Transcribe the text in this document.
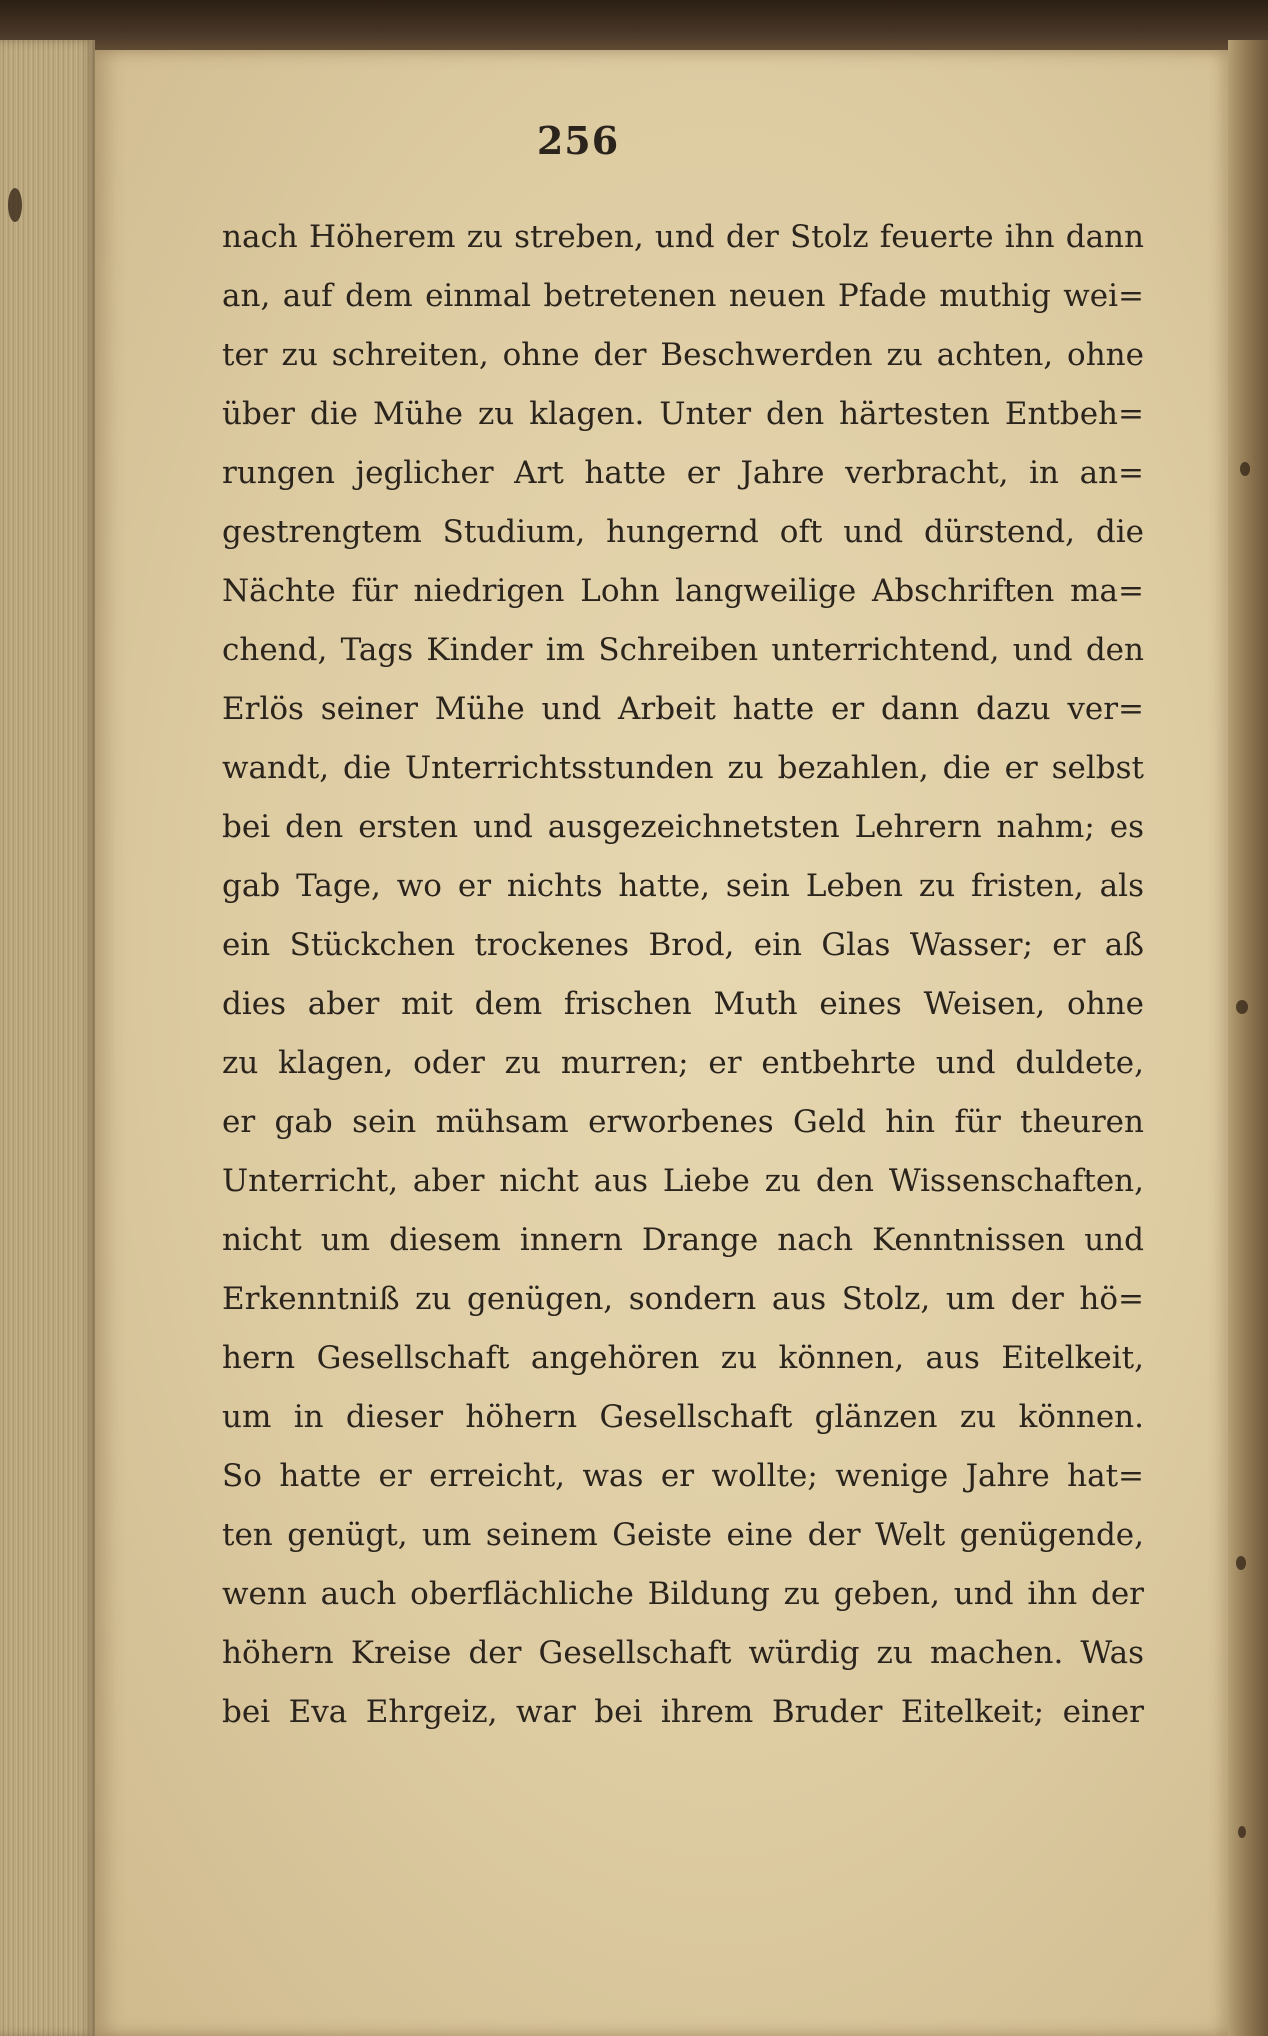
256
nach Höherem zu streben, und der Stolz feuerte ihn dann
an, auf dem einmal betretenen neuen Pfade muthig wei=
ter zu schreiten, ohne der Beschwerden zu achten, ohne
über die Mühe zu klagen. Unter den härtesten Entbeh=
rungen jeglicher Art hatte er Jahre verbracht, in an=
gestrengtem Studium, hungernd oft und dürstend, die
Nächte für niedrigen Lohn langweilige Abschriften ma=
chend, Tags Kinder im Schreiben unterrichtend, und den
Erlös seiner Mühe und Arbeit hatte er dann dazu ver=
wandt, die Unterrichtsstunden zu bezahlen, die er selbst
bei den ersten und ausgezeichnetsten Lehrern nahm; es
gab Tage, wo er nichts hatte, sein Leben zu fristen, als
ein Stückchen trockenes Brod, ein Glas Wasser; er aß
dies aber mit dem frischen Muth eines Weisen, ohne
zu klagen, oder zu murren; er entbehrte und duldete,
er gab sein mühsam erworbenes Geld hin für theuren
Unterricht, aber nicht aus Liebe zu den Wissenschaften,
nicht um diesem innern Drange nach Kenntnissen und
Erkenntniß zu genügen, sondern aus Stolz, um der hö=
hern Gesellschaft angehören zu können, aus Eitelkeit,
um in dieser höhern Gesellschaft glänzen zu können.
So hatte er erreicht, was er wollte; wenige Jahre hat=
ten genügt, um seinem Geiste eine der Welt genügende,
wenn auch oberflächliche Bildung zu geben, und ihn der
höhern Kreise der Gesellschaft würdig zu machen. Was
bei Eva Ehrgeiz, war bei ihrem Bruder Eitelkeit; einer
